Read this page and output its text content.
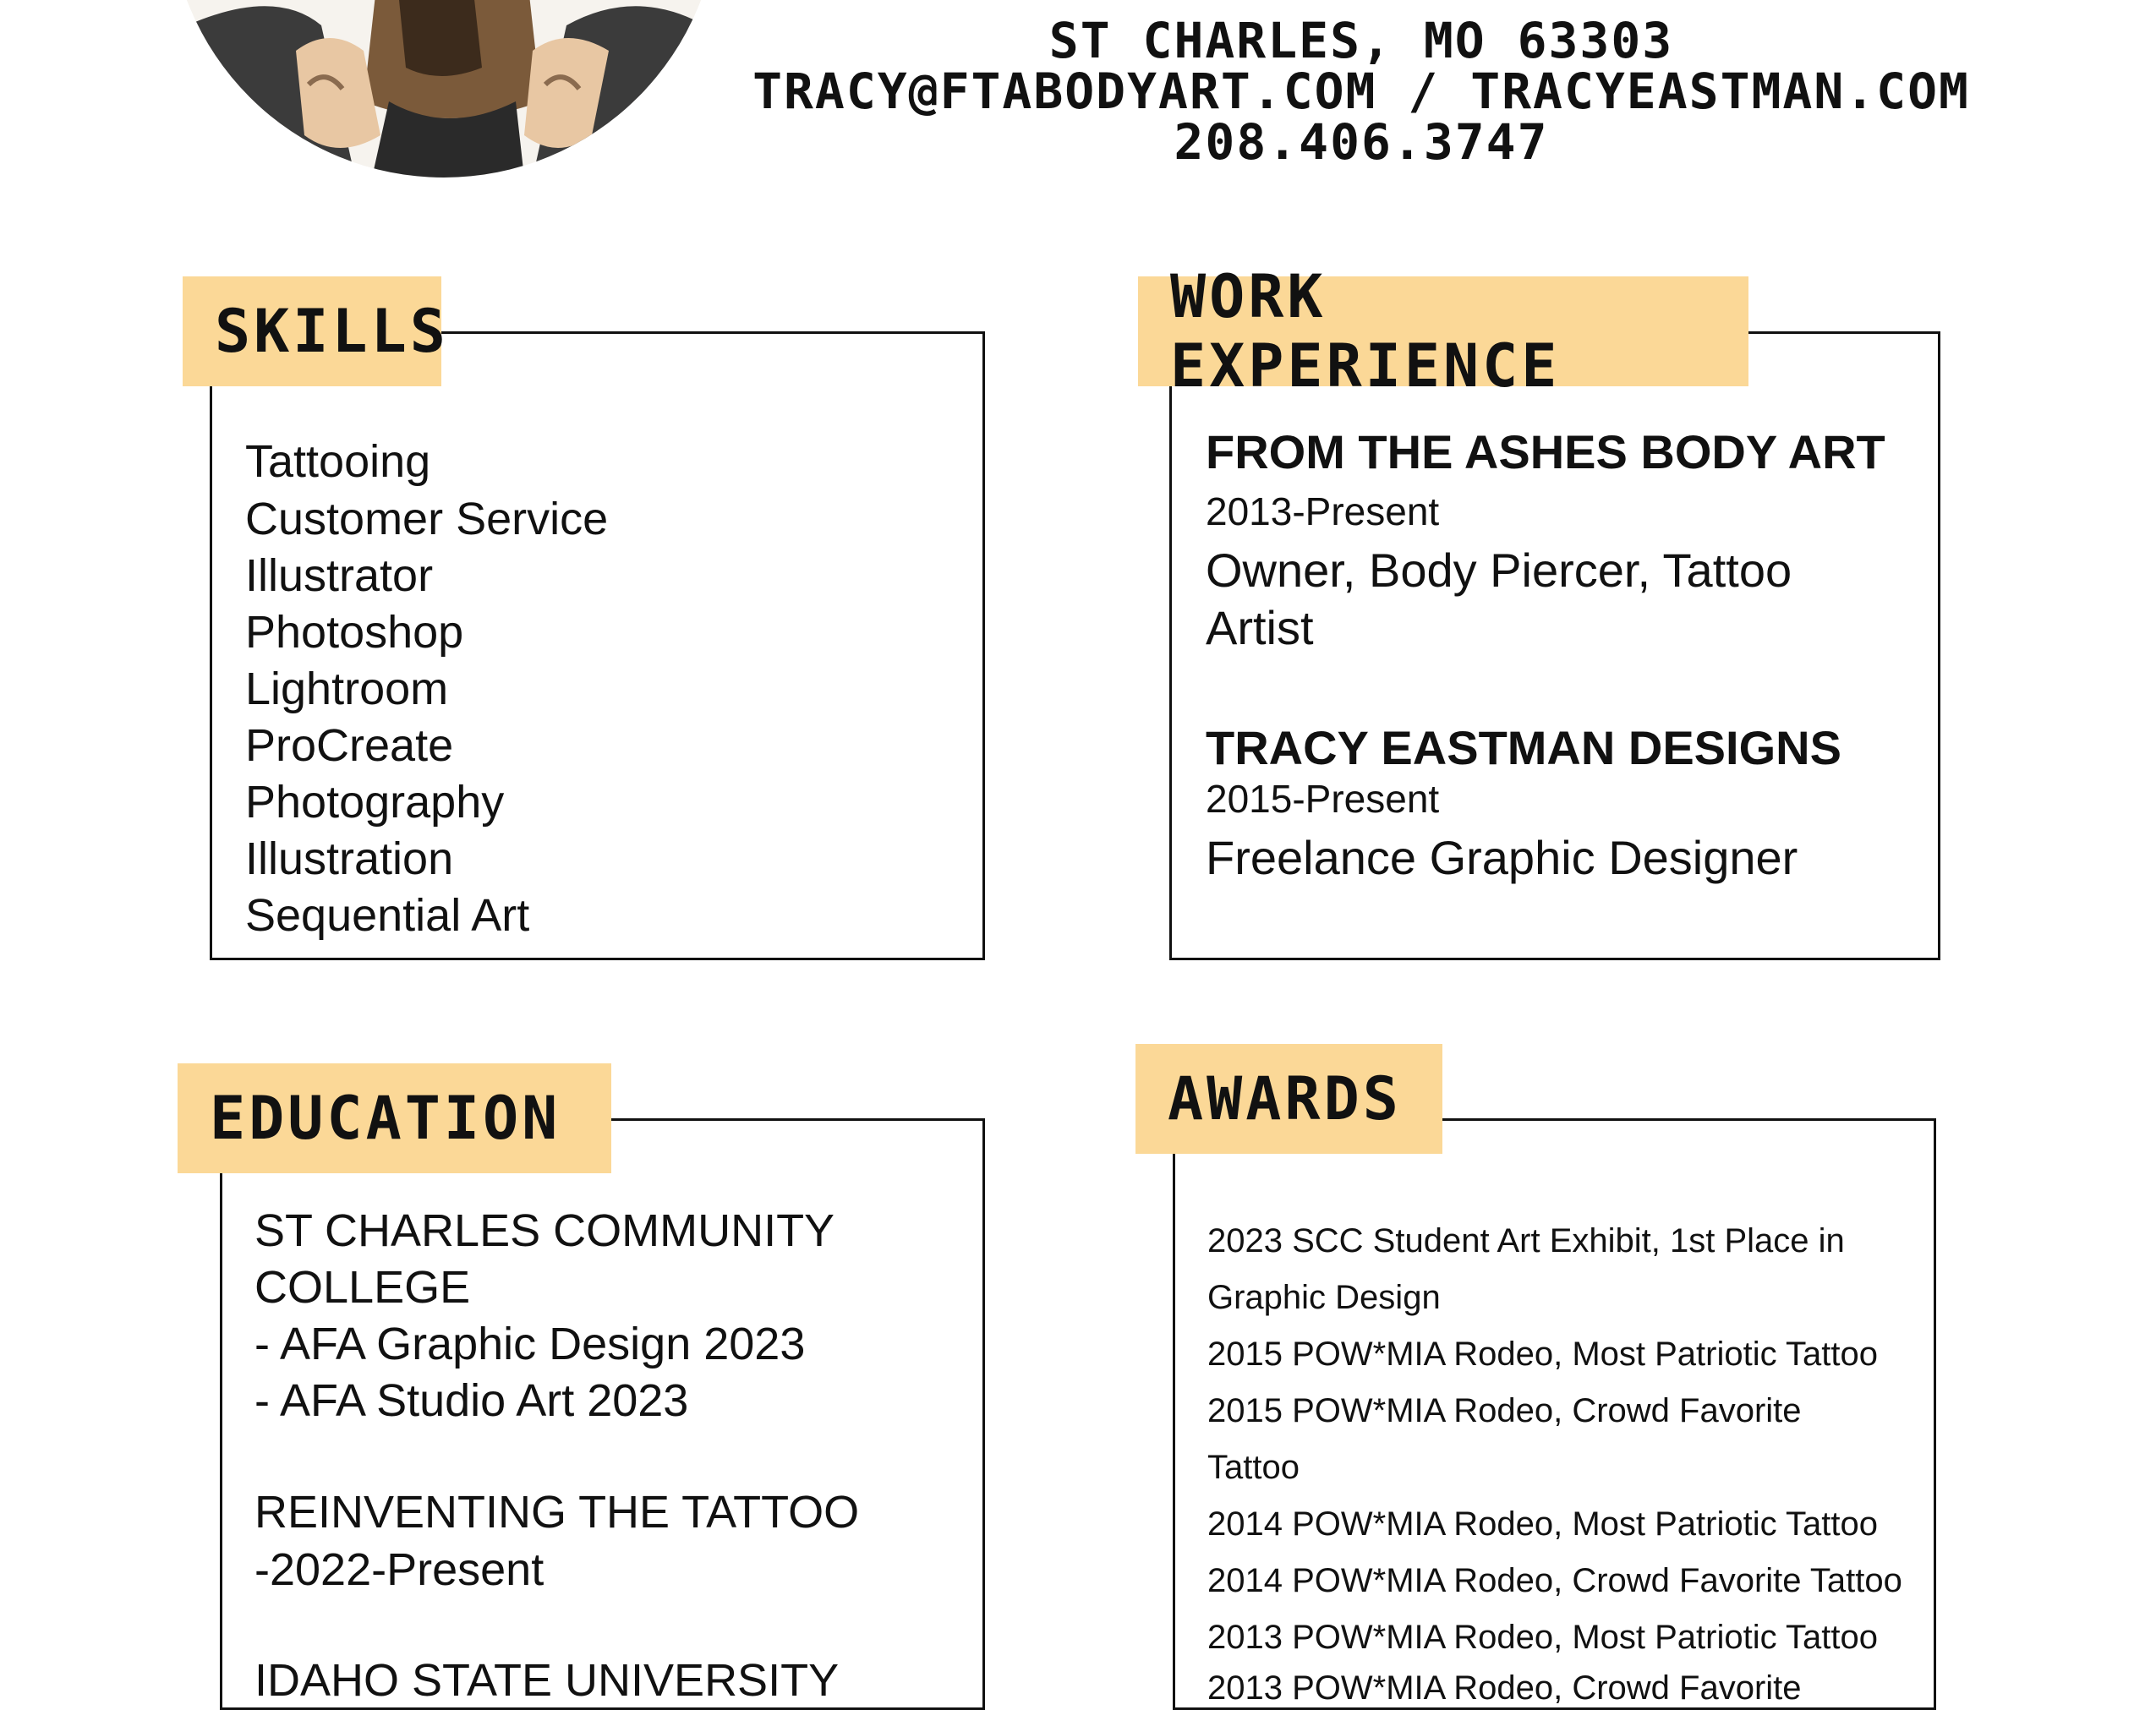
ST CHARLES, MO 63303
TRACY@FTABODYART.COM / TRACYEASTMAN.COM
208.406.3747
SKILLS
Tattooing
Customer Service
Illustrator
Photoshop
Lightroom
ProCreate
Photography
Illustration
Sequential Art
WORK EXPERIENCE
FROM THE ASHES BODY ART
2013-Present
Owner, Body Piercer, Tattoo
Artist
TRACY EASTMAN DESIGNS
2015-Present
Freelance Graphic Designer
EDUCATION
ST CHARLES COMMUNITY
COLLEGE
- AFA Graphic Design 2023
- AFA Studio Art 2023
REINVENTING THE TATTOO
-2022-Present
IDAHO STATE UNIVERSITY
AWARDS
2023 SCC Student Art Exhibit, 1st Place in
Graphic Design
2015 POW*MIA Rodeo, Most Patriotic Tattoo
2015 POW*MIA Rodeo, Crowd Favorite
Tattoo
2014 POW*MIA Rodeo, Most Patriotic Tattoo
2014 POW*MIA Rodeo, Crowd Favorite Tattoo
2013 POW*MIA Rodeo, Most Patriotic Tattoo
2013 POW*MIA Rodeo, Crowd Favorite
